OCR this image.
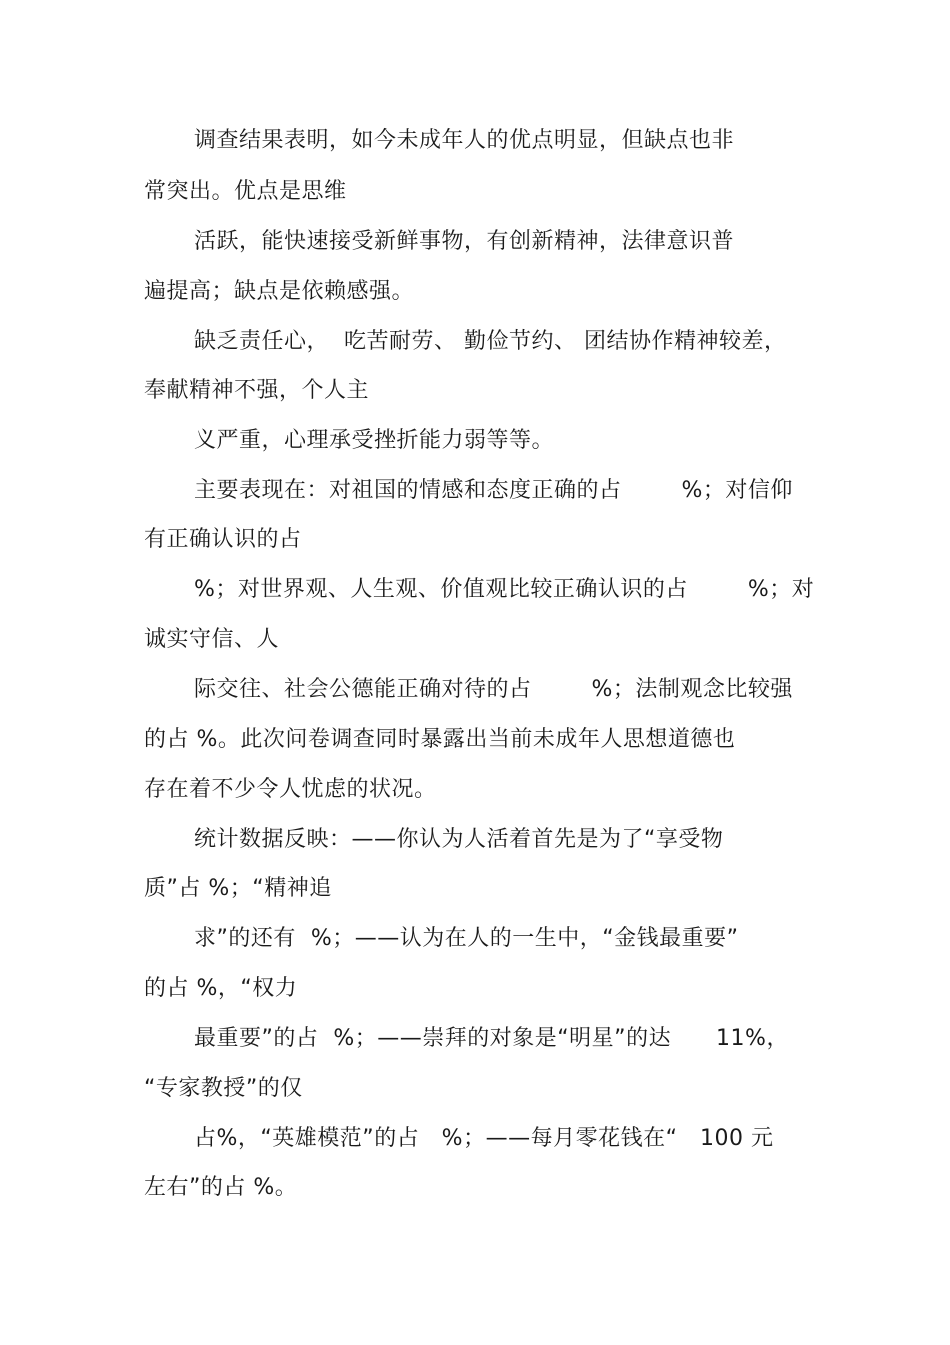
调查结果表明，如今未成年人的优点明显，但缺点也非
常突出。优点是思维
活跃，能快速接受新鲜事物，有创新精神，法律意识普
遍提高；缺点是依赖感强。
缺乏责任心，  吃苦耐劳、 勤俭节约、 团结协作精神较差，
奉献精神不强，个人主
义严重，心理承受挫折能力弱等等。
主要表现在：对祖国的情感和态度正确的占        %；对信仰
有正确认识的占
%；对世界观、人生观、价值观比较正确认识的占        %；对
诚实守信、人
际交往、社会公德能正确对待的占        %；法制观念比较强
的占 %。此次问卷调查同时暴露出当前未成年人思想道德也
存在着不少令人忧虑的状况。
统计数据反映：——你认为人活着首先是为了“享受物
质”占 %；“精神追
求”的还有  %；——认为在人的一生中，“金钱最重要”
的占 %，“权力
最重要”的占  %；——崇拜的对象是“明星”的达      11%，
“专家教授”的仅
占%，“英雄模范”的占   %；——每月零花钱在“   100 元
左右”的占 %。
